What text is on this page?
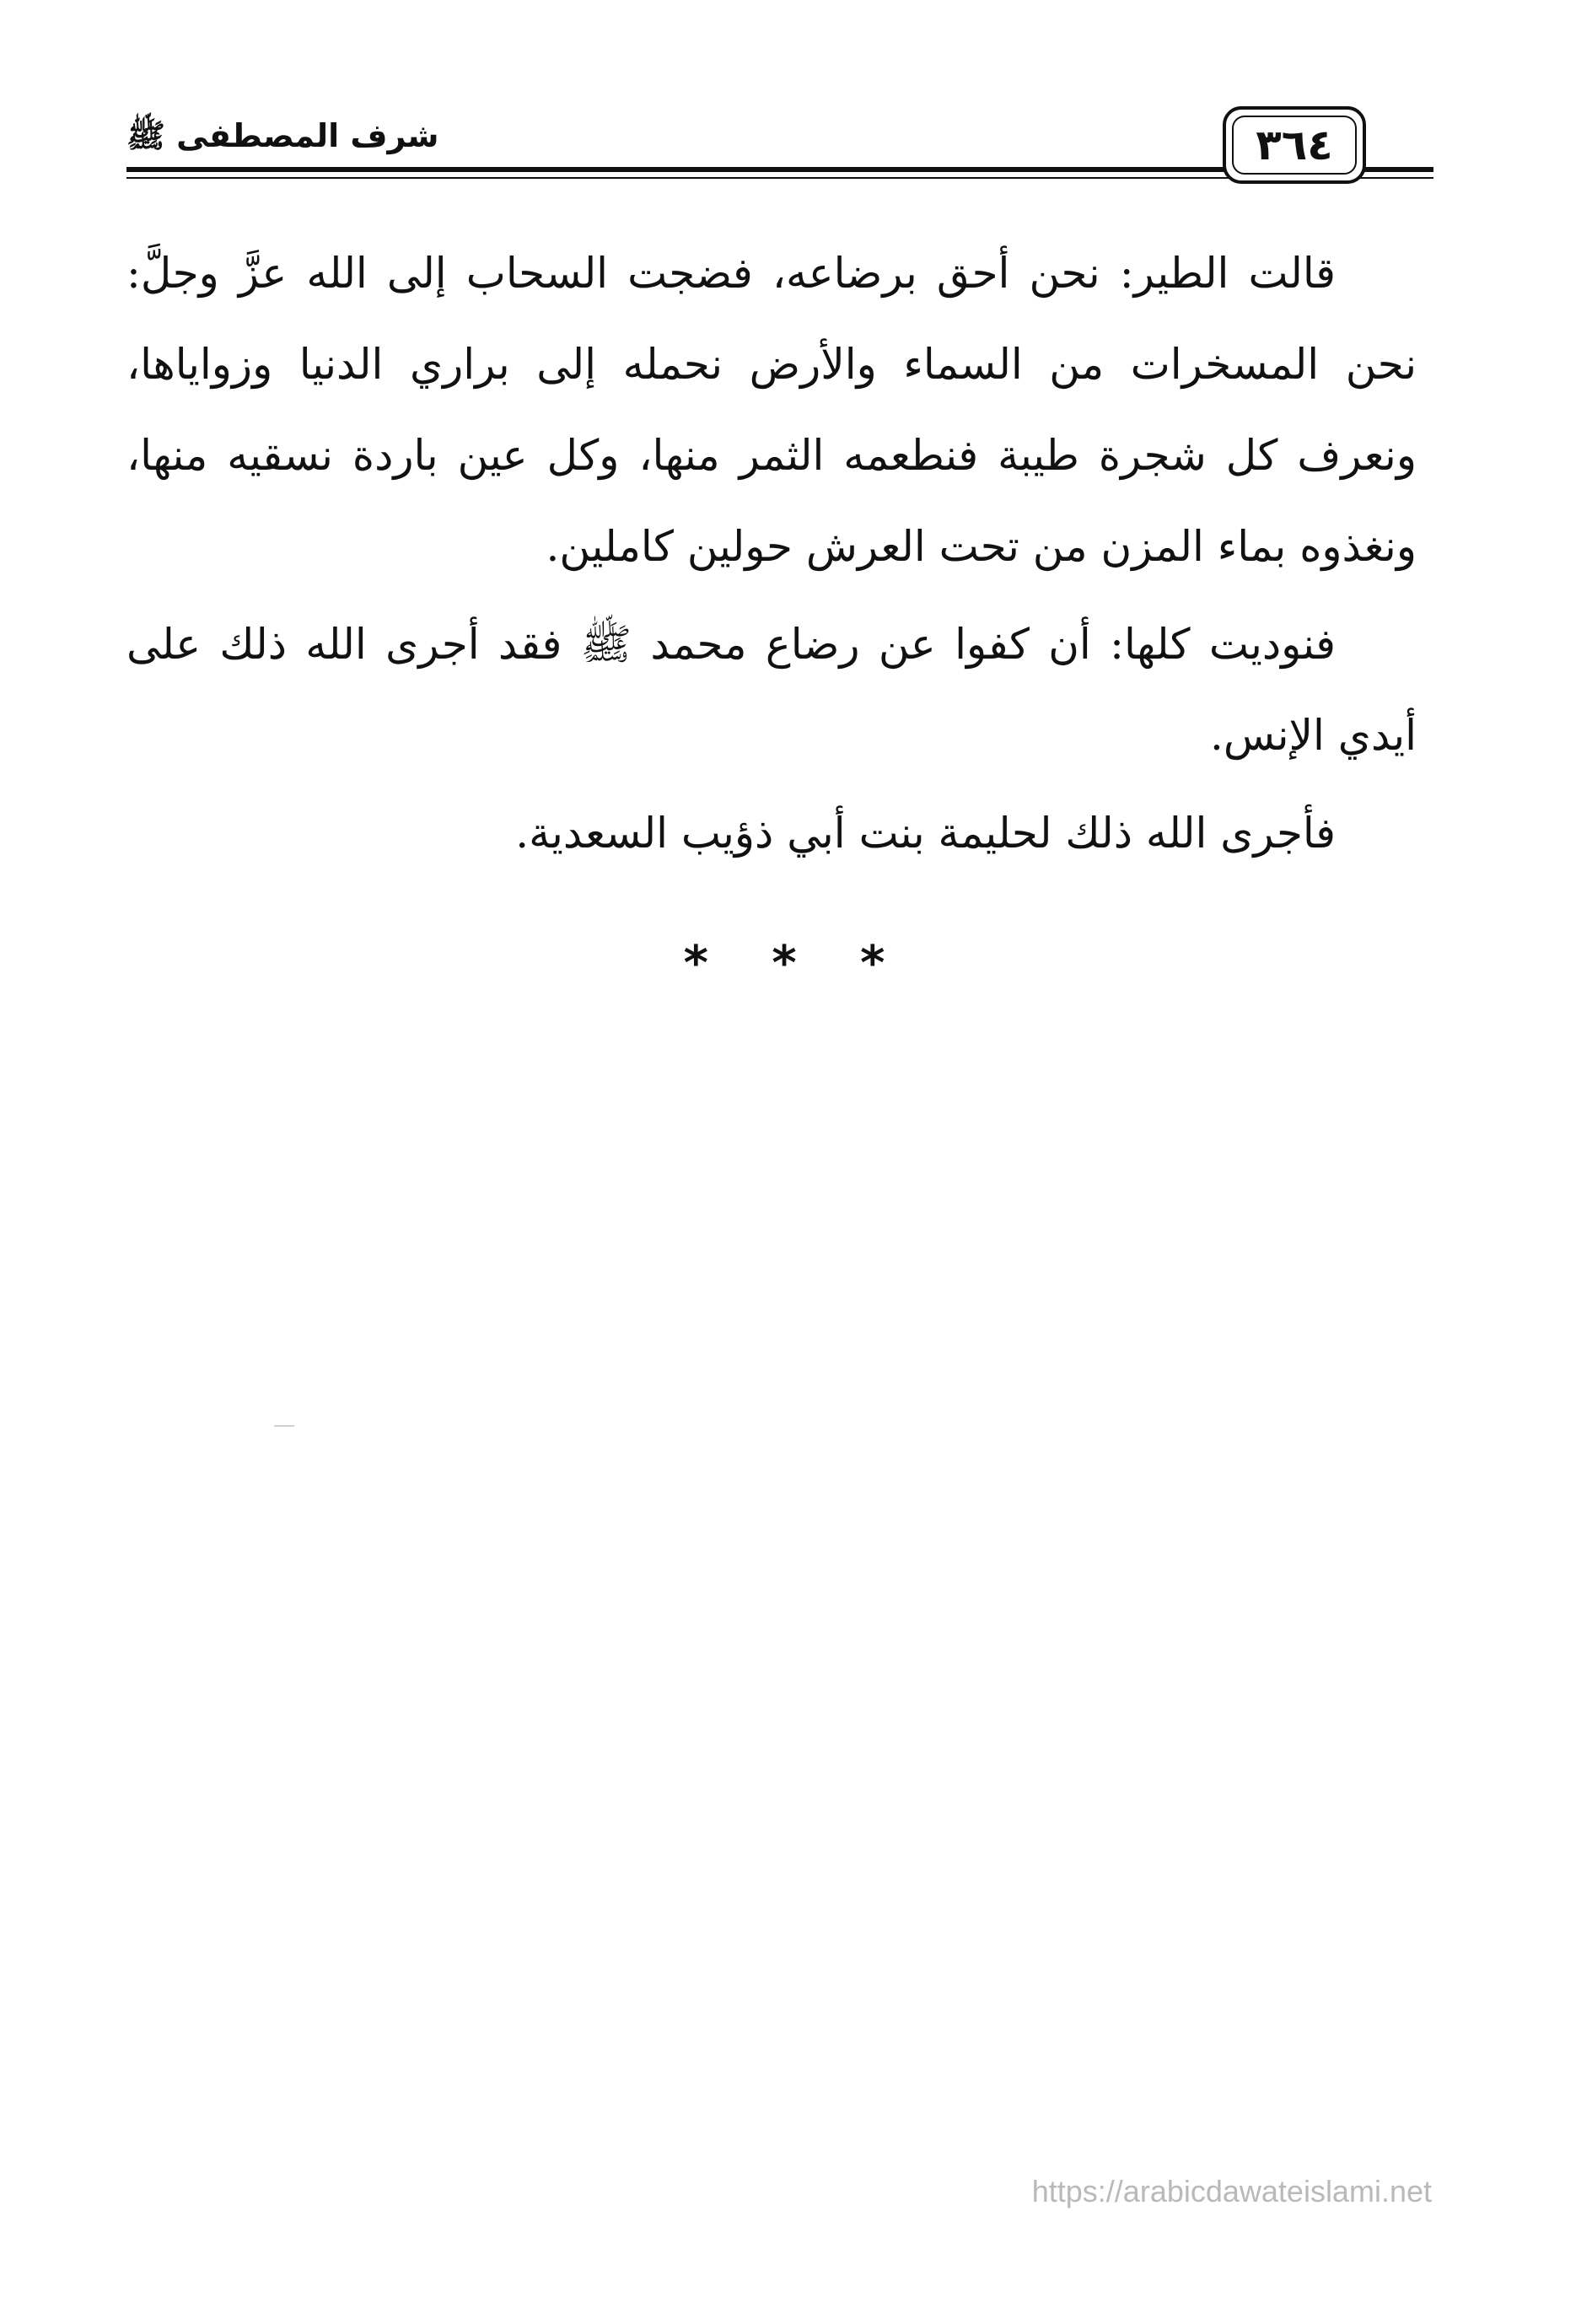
شرف المصطفى ﷺ	٣٦٤

قالت الطير: نحن أحق برضاعه، فضجت السحاب إلى الله عزَّ وجلَّ: نحن المسخرات من السماء والأرض نحمله إلى براري الدنيا وزواياها، ونعرف كل شجرة طيبة فنطعمه الثمر منها، وكل عين باردة نسقيه منها، ونغذوه بماء المزن من تحت العرش حولين كاملين.

فنوديت كلها: أن كفوا عن رضاع محمد ﷺ فقد أجرى الله ذلك على أيدي الإنس.

فأجرى الله ذلك لحليمة بنت أبي ذؤيب السعدية.

* * *
https://arabicdawateislami.net
